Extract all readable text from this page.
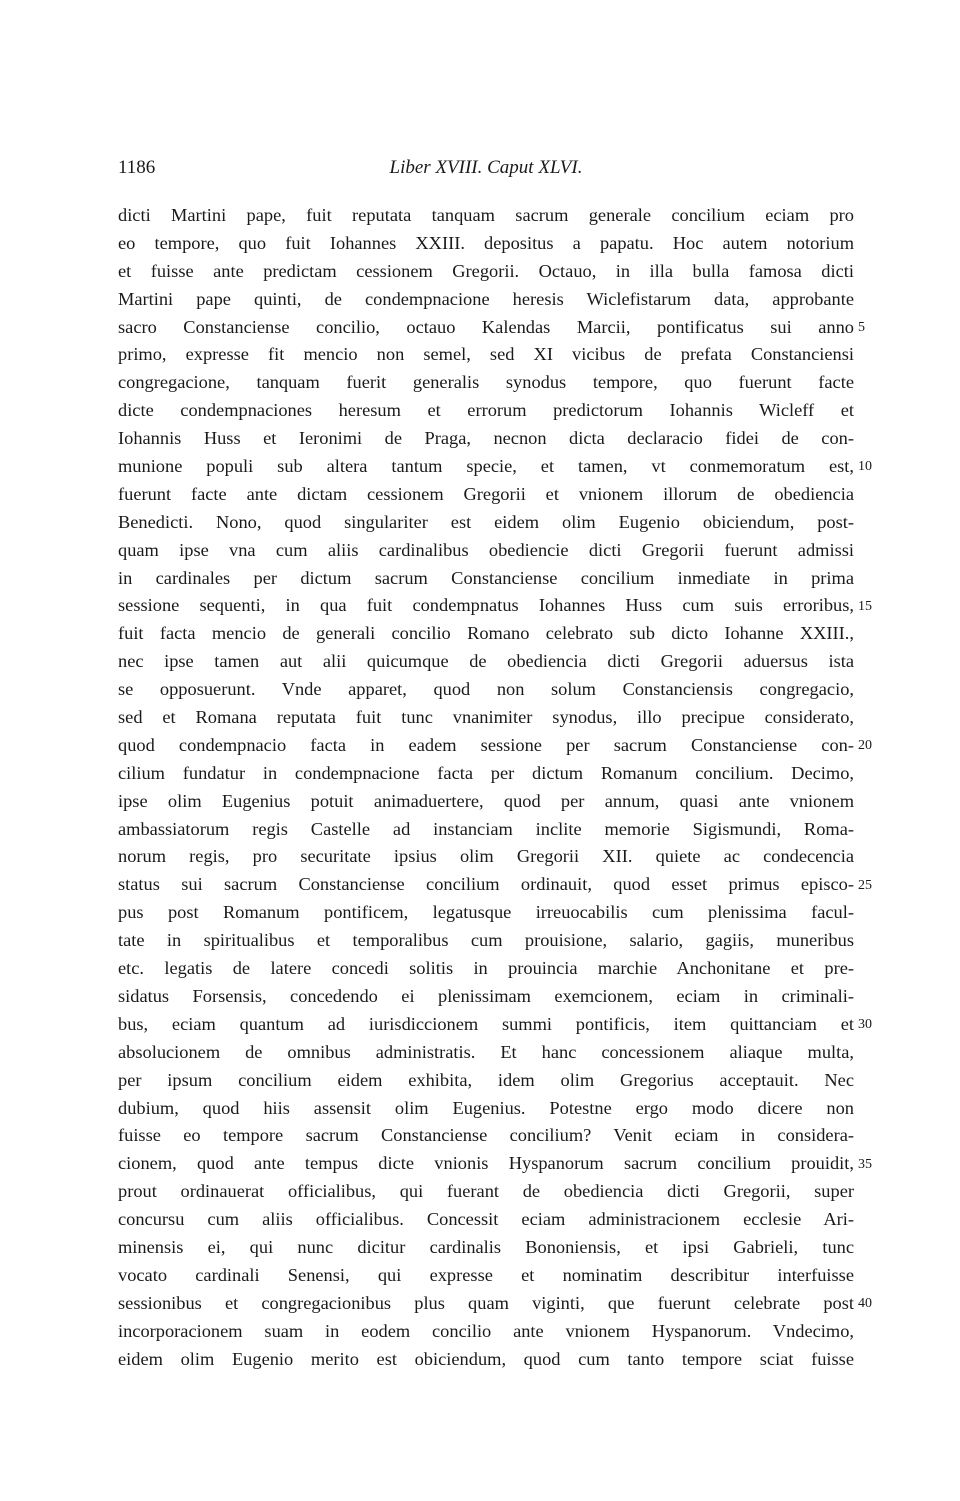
1186	Liber XVIII. Caput XLVI.
dicti Martini pape, fuit reputata tanquam sacrum generale concilium eciam pro
eo tempore, quo fuit Iohannes XXIII. depositus a papatu. Hoc autem notorium
et fuisse ante predictam cessionem Gregorii. Octauo, in illa bulla famosa dicti
Martini pape quinti, de condempnacione heresis Wiclefistarum data, approbante
sacro Constanciense concilio, octauo Kalendas Marcii, pontificatus sui anno
primo, expresse fit mencio non semel, sed XI vicibus de prefata Constanciensi
congregacione, tanquam fuerit generalis synodus tempore, quo fuerunt facte
dicte condempnaciones heresum et errorum predictorum Iohannis Wicleff et
Iohannis Huss et Ieronimi de Praga, necnon dicta declaracio fidei de con-
munione populi sub altera tantum specie, et tamen, vt conmemoratum est,
fuerunt facte ante dictam cessionem Gregorii et vnionem illorum de obediencia
Benedicti. Nono, quod singulariter est eidem olim Eugenio obiciendum, post-
quam ipse vna cum aliis cardinalibus obediencie dicti Gregorii fuerunt admissi
in cardinales per dictum sacrum Constanciense concilium inmediate in prima
sessione sequenti, in qua fuit condempnatus Iohannes Huss cum suis erroribus,
fuit facta mencio de generali concilio Romano celebrato sub dicto Iohanne XXIII.,
nec ipse tamen aut alii quicumque de obediencia dicti Gregorii aduersus ista
se opposuerunt. Vnde apparet, quod non solum Constanciensis congregacio,
sed et Romana reputata fuit tunc vnanimiter synodus, illo precipue considerato,
quod condempnacio facta in eadem sessione per sacrum Constanciense con-
cilium fundatur in condempnacione facta per dictum Romanum concilium. Decimo,
ipse olim Eugenius potuit animaduertere, quod per annum, quasi ante vnionem
ambassiatorum regis Castelle ad instanciam inclite memorie Sigismundi, Roma-
norum regis, pro securitate ipsius olim Gregorii XII. quiete ac condecencia
status sui sacrum Constanciense concilium ordinauit, quod esset primus episco-
pus post Romanum pontificem, legatusque irreuocabilis cum plenissima facul-
tate in spiritualibus et temporalibus cum prouisione, salario, gagiis, muneribus
etc. legatis de latere concedi solitis in prouincia marchie Anchonitane et pre-
sidatus Forsensis, concedendo ei plenissimam exemcionem, eciam in criminali-
bus, eciam quantum ad iurisdiccionem summi pontificis, item quittanciam et
absolucionem de omnibus administratis. Et hanc concessionem aliaque multa,
per ipsum concilium eidem exhibita, idem olim Gregorius acceptauit. Nec
dubium, quod hiis assensit olim Eugenius. Potestne ergo modo dicere non
fuisse eo tempore sacrum Constanciense concilium? Venit eciam in considera-
cionem, quod ante tempus dicte vnionis Hyspanorum sacrum concilium prouidit,
prout ordinauerat officialibus, qui fuerant de obediencia dicti Gregorii, super
concursu cum aliis officialibus. Concessit eciam administracionem ecclesie Ari-
minensis ei, qui nunc dicitur cardinalis Bononiensis, et ipsi Gabrieli, tunc
vocato cardinali Senensi, qui expresse et nominatim describitur interfuisse
sessionibus et congregacionibus plus quam viginti, que fuerunt celebrate post
incorporacionem suam in eodem concilio ante vnionem Hyspanorum. Vndecimo,
eidem olim Eugenio merito est obiciendum, quod cum tanto tempore sciat fuisse
5
10
15
20
25
30
35
40
